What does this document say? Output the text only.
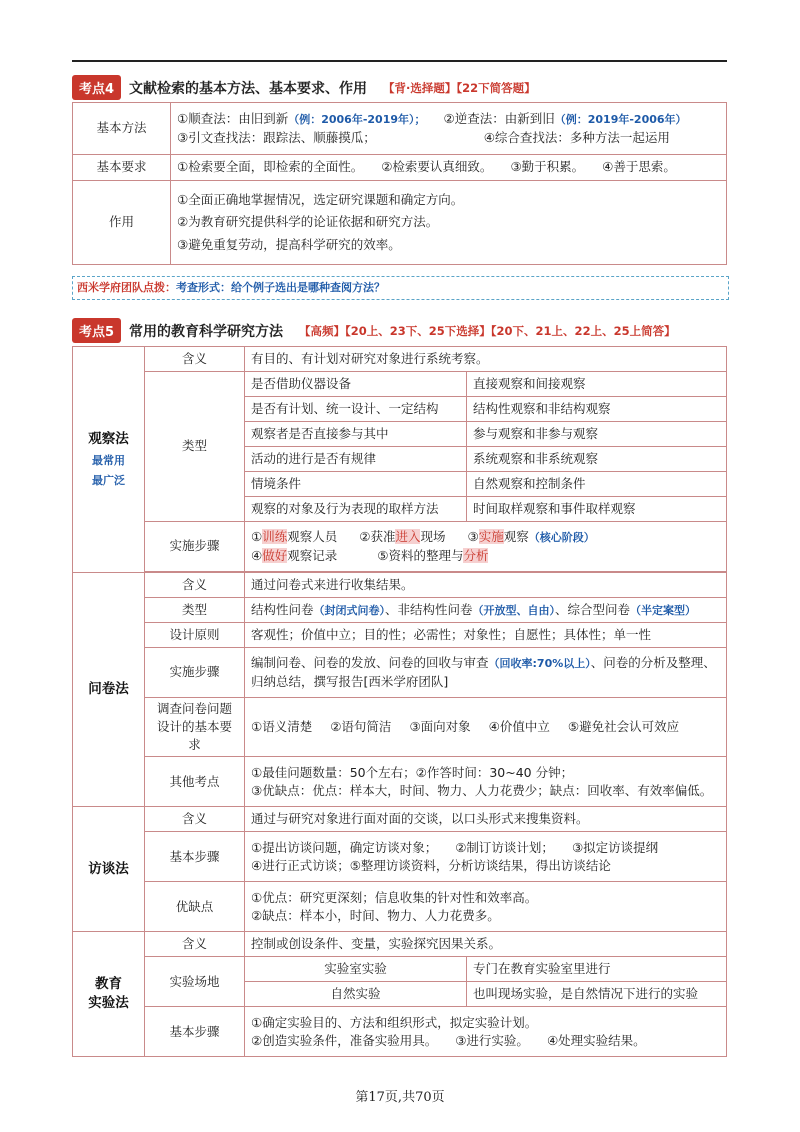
考点4	文献检索的基本方法、基本要求、作用 【背·选择题】【22下简答题】
基本方法	①顺查法：由旧到新（例：2006年-2019年）； ②逆查法：由新到旧（例：2019年-2006年）
③引文查找法：跟踪法、顺藤摸瓜； ④综合查找法：多种方法一起运用

基本要求	①检索要全面，即检索的全面性。 ②检索要认真细致。 ③勤于积累。 ④善于思索。
作用	①全面正确地掌握情况，选定研究课题和确定方向。
②为教育研究提供科学的论证依据和研究方法。
③避免重复劳动，提高科学研究的效率。
西米学府团队点拨：考查形式：给个例子选出是哪种查阅方法？
考点5	常用的教育科学研究方法 【高频】【20上、23下、25下选择】【20下、21上、22上、25上简答】
观察法
最常用
最广泛	含义	有目的、有计划对研究对象进行系统考察。	
	类型	是否借助仪器设备	直接观察和间接观察
		是否有计划、统一设计、一定结构	结构性观察和非结构观察
		观察者是否直接参与其中	参与观察和非参与观察
		活动的进行是否有规律	系统观察和非系统观察
		情境条件	自然观察和控制条件
		观察的对象及行为表现的取样方法	时间取样观察和事件取样观察
	实施步骤	①训练观察人员 ②获准进入现场 ③实施观察（核心阶段）
④做好观察记录 ⑤资料的整理与分析	

问卷法	含义	通过问卷式来进行收集结果。	
	类型	结构性问卷（封闭式问卷）、非结构性问卷（开放型、自由）、综合型问卷（半定案型）	
	设计原则	客观性；价值中立；目的性；必需性；对象性；自愿性；具体性；单一性	
	实施步骤	编制问卷、问卷的发放、问卷的回收与审查（回收率:70%以上）、问卷的分析及整理、归纳总结，撰写报告[西米学府团队]	
	调查问卷问题设计的基本要求	①语义清楚 ②语句简洁 ③面向对象 ④价值中立 ⑤避免社会认可效应	
	其他考点	①最佳问题数量：50个左右；②作答时间：30~40 分钟；
③优缺点：优点：样本大，时间、物力、人力花费少；缺点：回收率、有效率偏低。	

访谈法	含义	通过与研究对象进行面对面的交谈，以口头形式来搜集资料。	
	基本步骤	①提出访谈问题，确定访谈对象； ②制订访谈计划； ③拟定访谈提纲
④进行正式访谈；⑤整理访谈资料，分析访谈结果，得出访谈结论	

	优缺点	①优点：研究更深刻；信息收集的针对性和效率高。
②缺点：样本小，时间、物力、人力花费多。	

教育
实验法	含义	控制或创设条件、变量，实验探究因果关系。	
	实验场地	实验室实验	专门在教育实验室里进行
		自然实验	也叫现场实验，是自然情况下进行的实验
	基本步骤	①确定实验目的、方法和组织形式，拟定实验计划。
②创造实验条件，准备实验用具。 ③进行实验。 ④处理实验结果。	
第17页,共70页
